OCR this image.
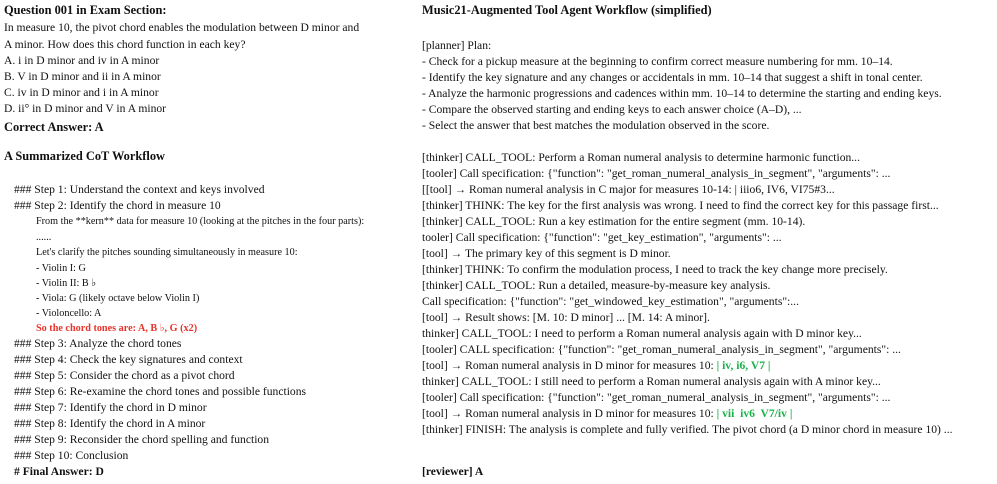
Question 001 in Exam Section:
In measure 10, the pivot chord enables the modulation between D minor and
A minor. How does this chord function in each key?
A. i in D minor and iv in A minor
B. V in D minor and ii in A minor
C. iv in D minor and i in A minor
D. ii° in D minor and V in A minor
Correct Answer: A
A Summarized CoT Workflow
### Step 1: Understand the context and keys involved
### Step 2: Identify the chord in measure 10
From the **kern** data for measure 10 (looking at the pitches in the four parts):
......
Let's clarify the pitches sounding simultaneously in measure 10:
- Violin I: G
- Violin II: B ♭
- Viola: G (likely octave below Violin I)
- Violoncello: A
So the chord tones are: A, B ♭, G (x2)
### Step 3: Analyze the chord tones
### Step 4: Check the key signatures and context
### Step 5: Consider the chord as a pivot chord
### Step 6: Re-examine the chord tones and possible functions
### Step 7: Identify the chord in D minor
### Step 8: Identify the chord in A minor
### Step 9: Reconsider the chord spelling and function
### Step 10: Conclusion
# Final Answer: D
Music21-Augmented Tool Agent Workflow (simplified)
[planner] Plan:
- Check for a pickup measure at the beginning to confirm correct measure numbering for mm. 10–14.
- Identify the key signature and any changes or accidentals in mm. 10–14 that suggest a shift in tonal center.
- Analyze the harmonic progressions and cadences within mm. 10–14 to determine the starting and ending keys.
- Compare the observed starting and ending keys to each answer choice (A–D), ...
- Select the answer that best matches the modulation observed in the score.
[thinker] CALL_TOOL: Perform a Roman numeral analysis to determine harmonic function...
[tooler] Call specification: {"function": "get_roman_numeral_analysis_in_segment", "arguments": ...
[[tool] → Roman numeral analysis in C major for measures 10-14: | iiio6, IV6, VI75#3...
[thinker] THINK: The key for the first analysis was wrong. I need to find the correct key for this passage first...
[thinker] CALL_TOOL: Run a key estimation for the entire segment (mm. 10-14).
tooler] Call specification: {"function": "get_key_estimation", "arguments": ...
[tool] → The primary key of this segment is D minor.
[thinker] THINK: To confirm the modulation process, I need to track the key change more precisely.
[thinker] CALL_TOOL: Run a detailed, measure-by-measure key analysis.
Call specification: {"function": "get_windowed_key_estimation", "arguments":...
[tool] → Result shows: [M. 10: D minor] ... [M. 14: A minor].
thinker] CALL_TOOL: I need to perform a Roman numeral analysis again with D minor key...
[tooler] CALL specification: {"function": "get_roman_numeral_analysis_in_segment", "arguments": ...
[tool] → Roman numeral analysis in D minor for measures 10: | iv, i6, V7 |
thinker] CALL_TOOL: I still need to perform a Roman numeral analysis again with A minor key...
[tooler] Call specification: {"function": "get_roman_numeral_analysis_in_segment", "arguments": ...
[tool] → Roman numeral analysis in D minor for measures 10: | vii  iv6  V7/iv |
[thinker] FINISH: The analysis is complete and fully verified. The pivot chord (a D minor chord in measure 10) ...
[reviewer] A
